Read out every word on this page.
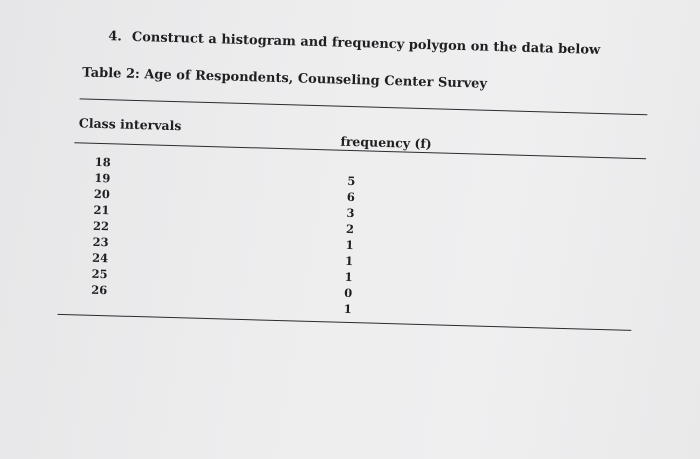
4. Construct a histogram and frequency polygon on the data below
Table 2: Age of Respondents, Counseling Center Survey
Class intervals
frequency (f)
18
19
20
21
22
23
24
25
26
5
6
3
2
1
1
1
0
1
